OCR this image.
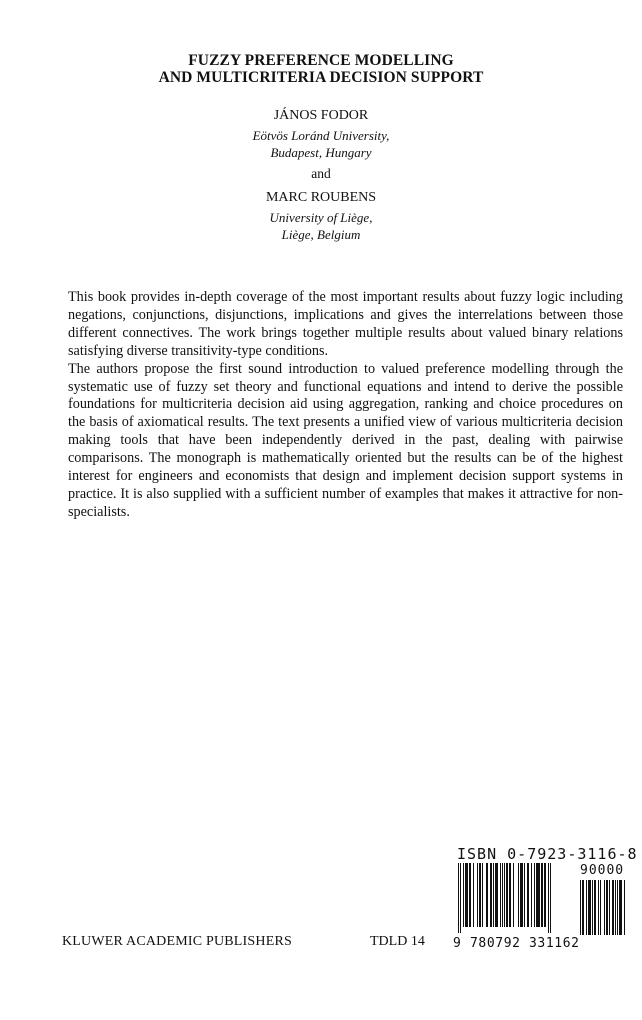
FUZZY PREFERENCE MODELLING
AND MULTICRITERIA DECISION SUPPORT
JÁNOS FODOR
Eötvös Loránd University,
Budapest, Hungary
and
MARC ROUBENS
University of Liège,
Liège, Belgium

This book provides in-depth coverage of the most important results about fuzzy logic including negations, conjunctions, disjunctions, implications and gives the interrelations between those different connectives. The work brings together multiple results about valued binary relations satisfying diverse transitivity-type conditions.

The authors propose the first sound introduction to valued preference modelling through the systematic use of fuzzy set theory and functional equations and intend to derive the possible foundations for multicriteria decision aid using aggregation, ranking and choice procedures on the basis of axiomatical results. The text presents a unified view of various multicriteria decision making tools that have been independently derived in the past, dealing with pairwise comparisons. The monograph is mathematically oriented but the results can be of the highest interest for engineers and economists that design and implement decision support systems in practice. It is also supplied with a sufficient number of examples that makes it attractive for non-specialists.

KLUWER ACADEMIC PUBLISHERS	TDLD 14
ISBN 0-7923-3116-8
90000
9 780792 331162
